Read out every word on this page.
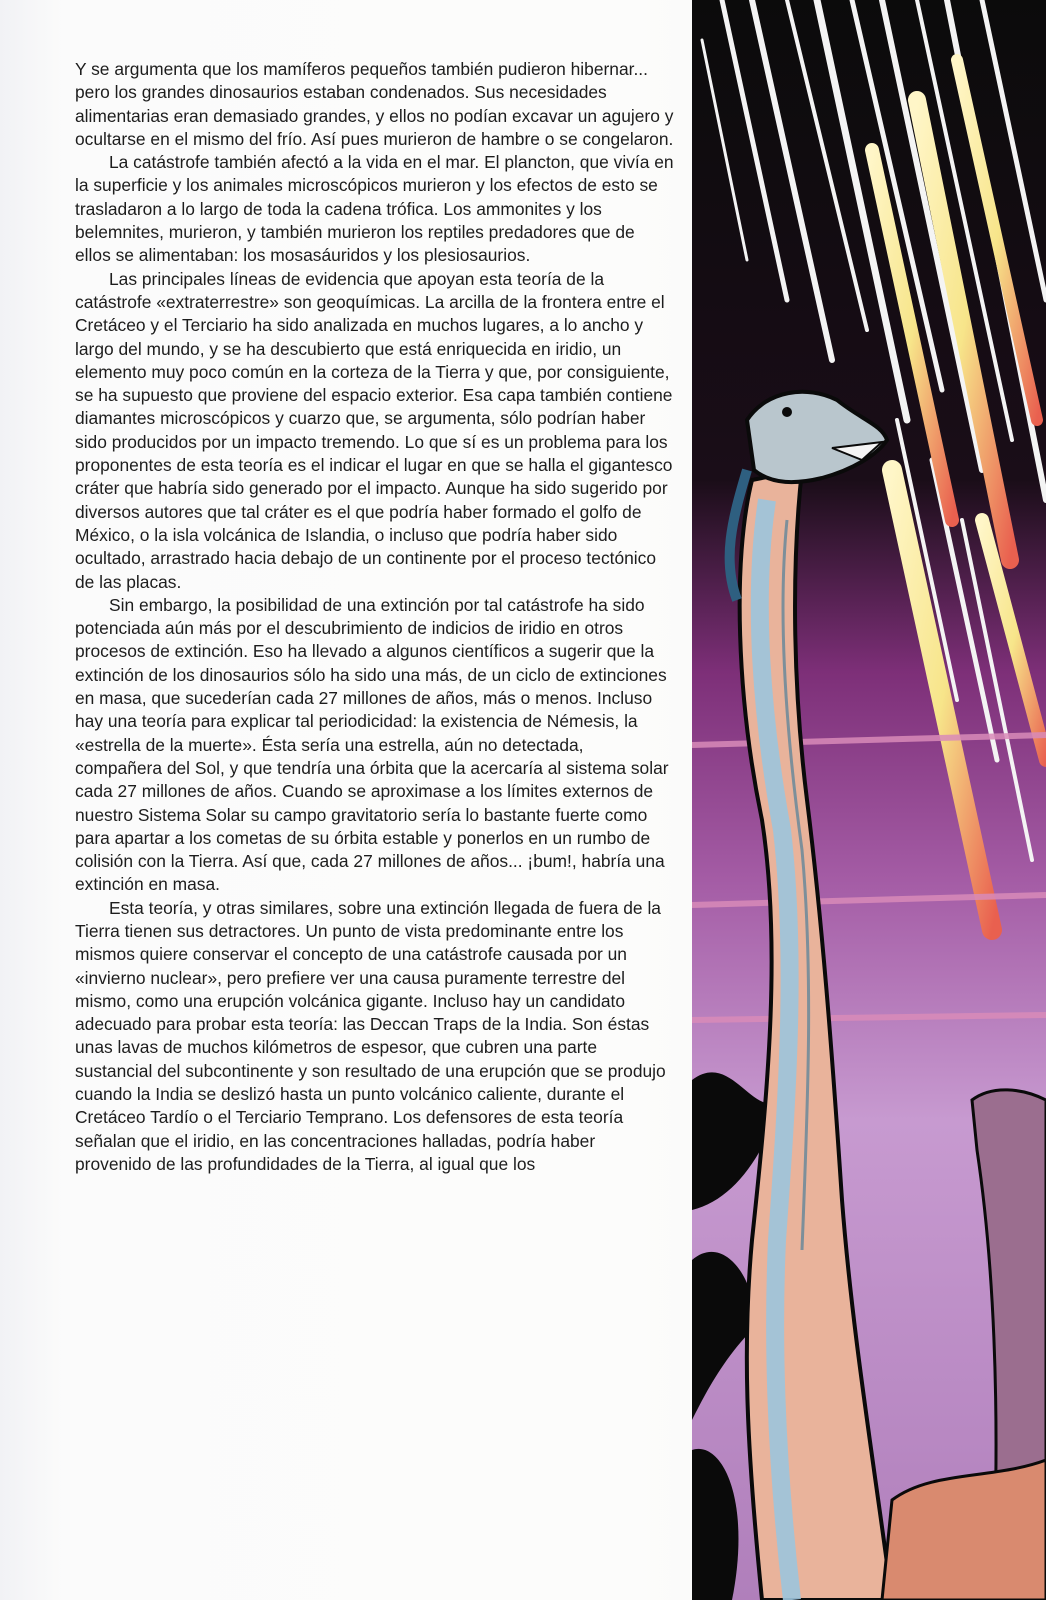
Y se argumenta que los mamíferos pequeños también pudieron hibernar... pero los grandes dinosaurios estaban condenados. Sus necesidades alimentarias eran demasiado grandes, y ellos no podían excavar un agujero y ocultarse en el mismo del frío. Así pues murieron de hambre o se congelaron.

La catástrofe también afectó a la vida en el mar. El plancton, que vivía en la superficie y los animales microscópicos murieron y los efectos de esto se trasladaron a lo largo de toda la cadena trófica. Los ammonites y los belemnites, murieron, y también murieron los reptiles predadores que de ellos se alimentaban: los mosasáuridos y los plesiosaurios.

Las principales líneas de evidencia que apoyan esta teoría de la catástrofe «extraterrestre» son geoquímicas. La arcilla de la frontera entre el Cretáceo y el Terciario ha sido analizada en muchos lugares, a lo ancho y largo del mundo, y se ha descubierto que está enriquecida en iridio, un elemento muy poco común en la corteza de la Tierra y que, por consiguiente, se ha supuesto que proviene del espacio exterior. Esa capa también contiene diamantes microscópicos y cuarzo que, se argumenta, sólo podrían haber sido producidos por un impacto tremendo. Lo que sí es un problema para los proponentes de esta teoría es el indicar el lugar en que se halla el gigantesco cráter que habría sido generado por el impacto. Aunque ha sido sugerido por diversos autores que tal cráter es el que podría haber formado el golfo de México, o la isla volcánica de Islandia, o incluso que podría haber sido ocultado, arrastrado hacia debajo de un continente por el proceso tectónico de las placas.

Sin embargo, la posibilidad de una extinción por tal catástrofe ha sido potenciada aún más por el descubrimiento de indicios de iridio en otros procesos de extinción. Eso ha llevado a algunos científicos a sugerir que la extinción de los dinosaurios sólo ha sido una más, de un ciclo de extinciones en masa, que sucederían cada 27 millones de años, más o menos. Incluso hay una teoría para explicar tal periodicidad: la existencia de Némesis, la «estrella de la muerte». Ésta sería una estrella, aún no detectada, compañera del Sol, y que tendría una órbita que la acercaría al sistema solar cada 27 millones de años. Cuando se aproximase a los límites externos de nuestro Sistema Solar su campo gravitatorio sería lo bastante fuerte como para apartar a los cometas de su órbita estable y ponerlos en un rumbo de colisión con la Tierra. Así que, cada 27 millones de años... ¡bum!, habría una extinción en masa.

Esta teoría, y otras similares, sobre una extinción llegada de fuera de la Tierra tienen sus detractores. Un punto de vista predominante entre los mismos quiere conservar el concepto de una catástrofe causada por un «invierno nuclear», pero prefiere ver una causa puramente terrestre del mismo, como una erupción volcánica gigante. Incluso hay un candidato adecuado para probar esta teoría: las Deccan Traps de la India. Son éstas unas lavas de muchos kilómetros de espesor, que cubren una parte sustancial del subcontinente y son resultado de una erupción que se produjo cuando la India se deslizó hasta un punto volcánico caliente, durante el Cretáceo Tardío o el Terciario Temprano. Los defensores de esta teoría señalan que el iridio, en las concentraciones halladas, podría haber provenido de las profundidades de la Tierra, al igual que los
